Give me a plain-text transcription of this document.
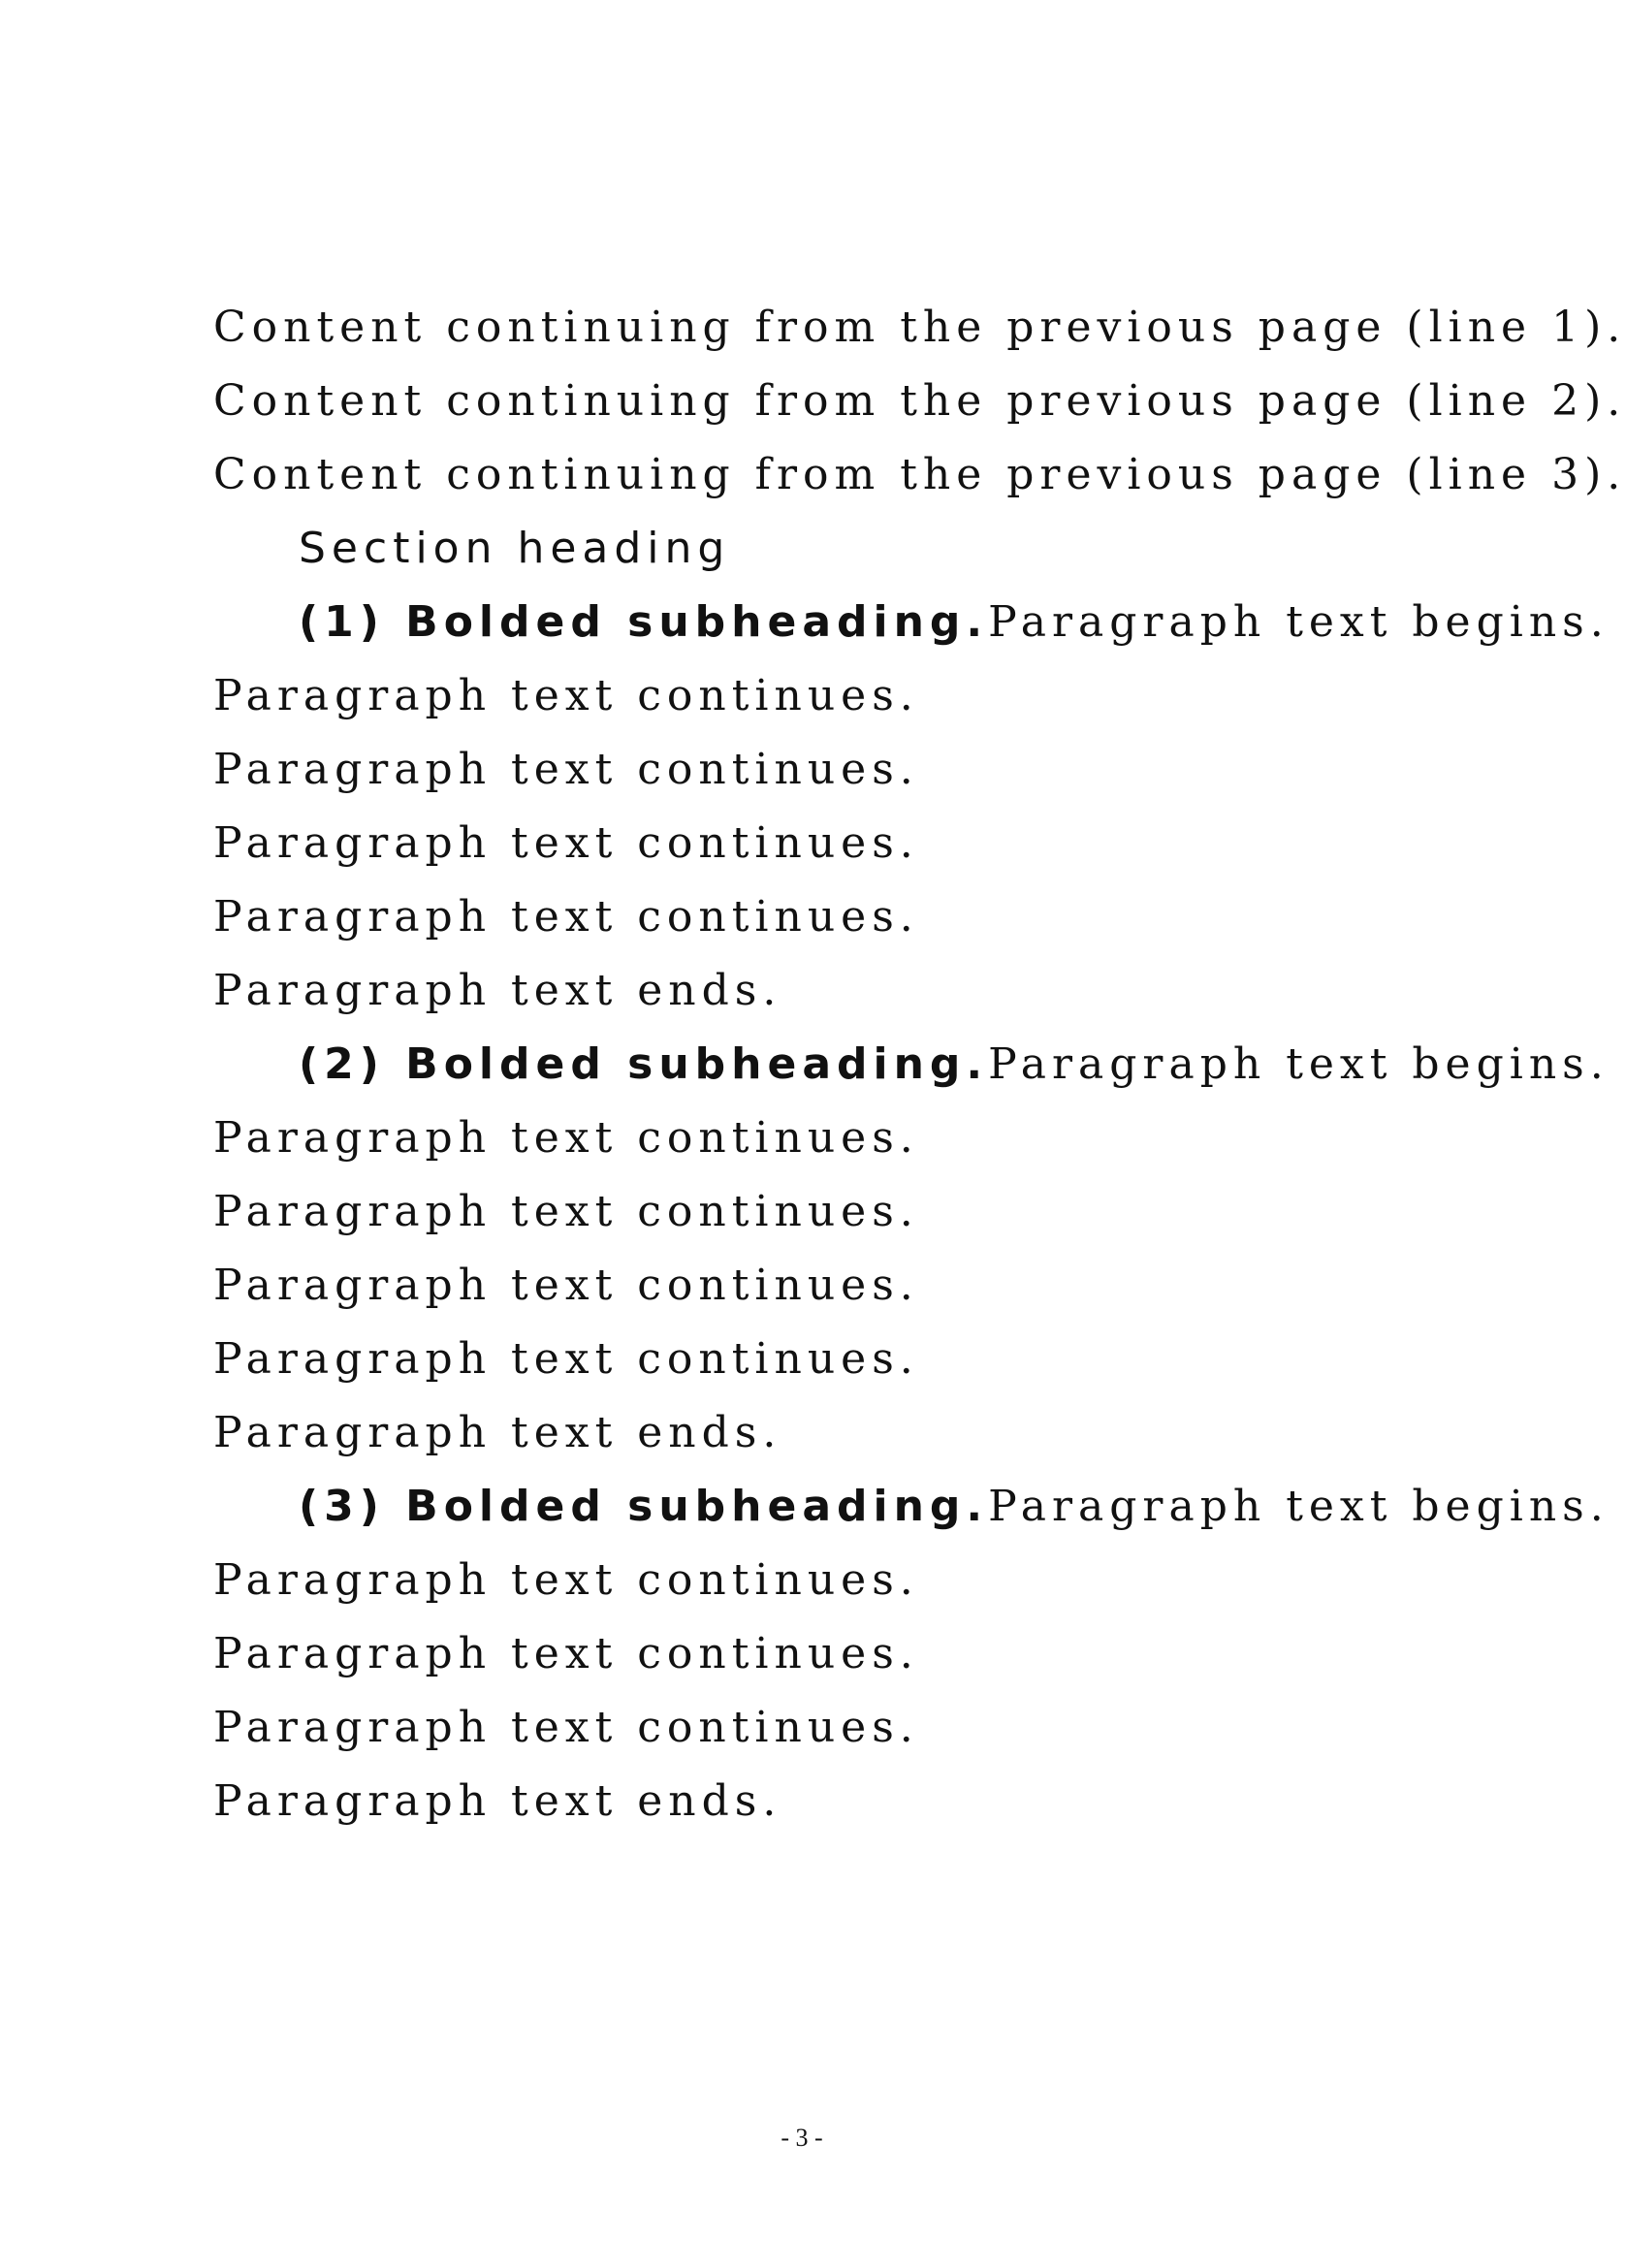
Content continuing from the previous page (line 1).
Content continuing from the previous page (line 2).
Content continuing from the previous page (line 3).
Section heading
(1) Bolded subheading.Paragraph text begins.
Paragraph text continues.
Paragraph text continues.
Paragraph text continues.
Paragraph text continues.
Paragraph text ends.
(2) Bolded subheading.Paragraph text begins.
Paragraph text continues.
Paragraph text continues.
Paragraph text continues.
Paragraph text continues.
Paragraph text ends.
(3) Bolded subheading.Paragraph text begins.
Paragraph text continues.
Paragraph text continues.
Paragraph text continues.
Paragraph text ends.
- 3 -
